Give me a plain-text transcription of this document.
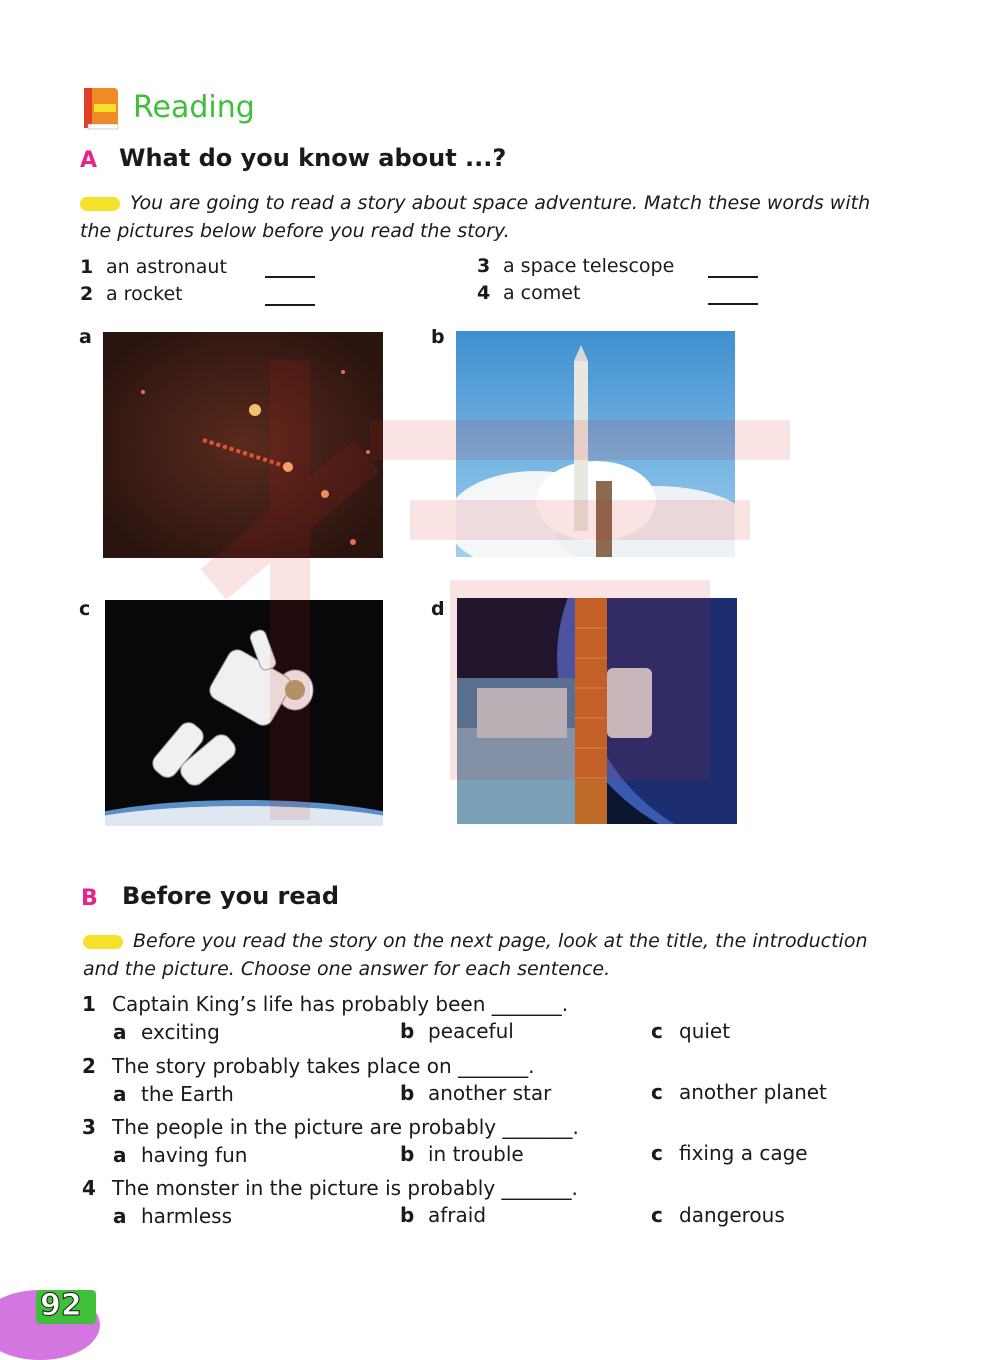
Reading
A What do you know about ...?
You are going to read a story about space adventure. Match these words with
the pictures below before you read the story.
1 an astronaut
2 a rocket
3 a space telescope
4 a comet
a	b
c	d
B Before you read
Before you read the story on the next page, look at the title, the introduction
and the picture. Choose one answer for each sentence.
1 Captain King’s life has probably been _______.
a exciting	b peaceful	c quiet
2 The story probably takes place on _______.
a the Earth	b another star	c another planet
3 The people in the picture are probably _______.
a having fun	b in trouble	c fixing a cage
4 The monster in the picture is probably _______.
a harmless	b afraid	c dangerous
92
